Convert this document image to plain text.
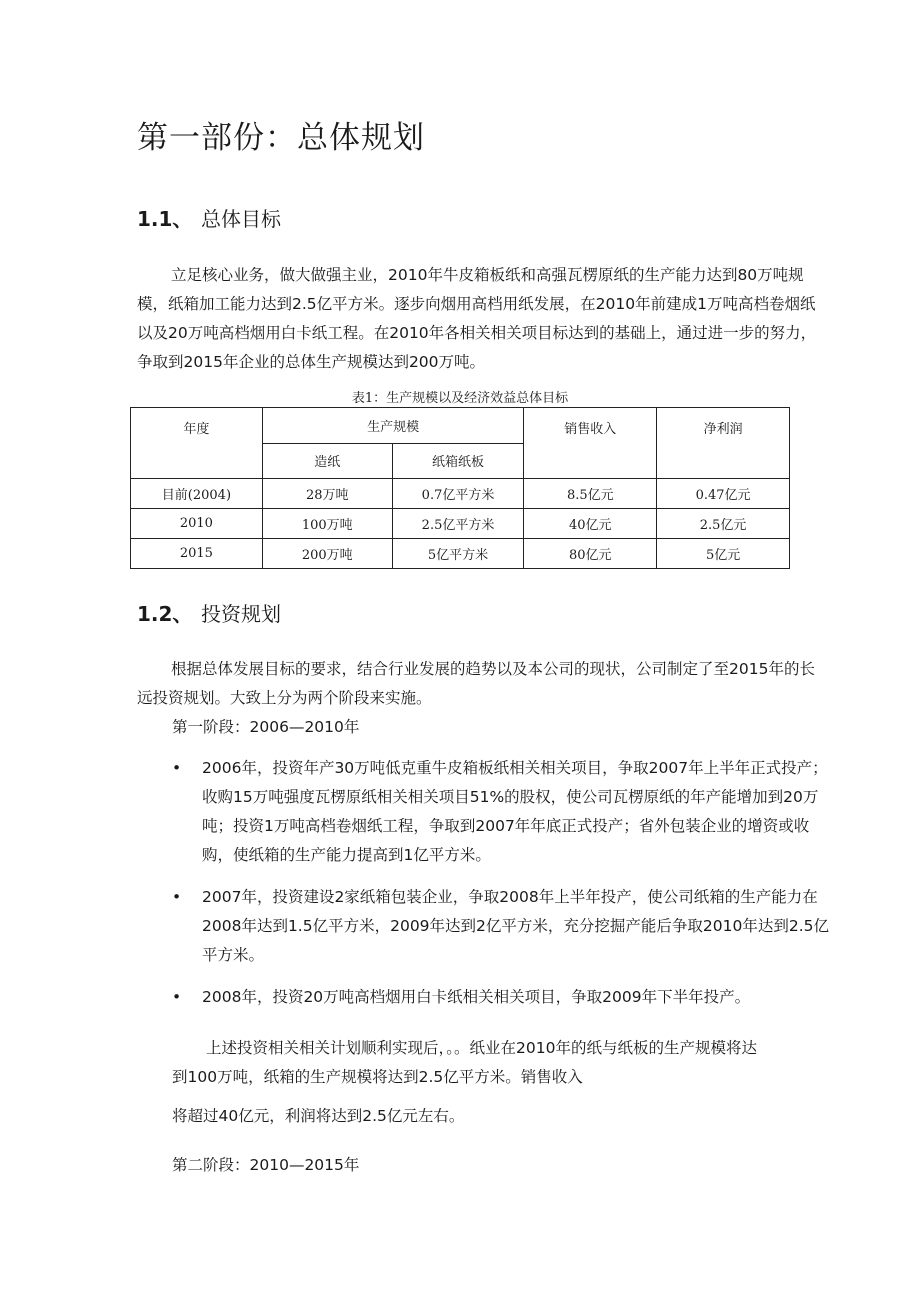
第一部份：总体规划
1.1、 总体目标

立足核心业务，做大做强主业，2010年牛皮箱板纸和高强瓦楞原纸的生产能力达到80万吨规模，纸箱加工能力达到2.5亿平方米。逐步向烟用高档用纸发展，在2010年前建成1万吨高档卷烟纸以及20万吨高档烟用白卡纸工程。在2010年各相关相关项目标达到的基础上，通过进一步的努力，争取到2015年企业的总体生产规模达到200万吨。

表1：生产规模以及经济效益总体目标

年度	生产规模		销售收入	净利润
	造纸	纸箱纸板		
目前(2004)	28万吨	0.7亿平方米	8.5亿元	0.47亿元
2010	100万吨	2.5亿平方米	40亿元	2.5亿元
2015	200万吨	5亿平方米	80亿元	5亿元
1.2、 投资规划

根据总体发展目标的要求，结合行业发展的趋势以及本公司的现状，公司制定了至2015年的长远投资规划。大致上分为两个阶段来实施。

第一阶段：2006—2010年

•	2006年，投资年产30万吨低克重牛皮箱板纸相关相关项目，争取2007年上半年正式投产；收购15万吨强度瓦楞原纸相关相关项目51%的股权，使公司瓦楞原纸的年产能增加到20万吨；投资1万吨高档卷烟纸工程，争取到2007年年底正式投产；省外包装企业的增资或收购，使纸箱的生产能力提高到1亿平方米。
•	2007年，投资建设2家纸箱包装企业，争取2008年上半年投产，使公司纸箱的生产能力在2008年达到1.5亿平方米，2009年达到2亿平方米，充分挖掘产能后争取2010年达到2.5亿平方米。
•	2008年，投资20万吨高档烟用白卡纸相关相关项目，争取2009年下半年投产。

上述投资相关相关计划顺利实现后，。。纸业在2010年的纸与纸板的生产规模将达

到100万吨，纸箱的生产规模将达到2.5亿平方米。销售收入

将超过40亿元，利润将达到2.5亿元左右。

第二阶段：2010—2015年
